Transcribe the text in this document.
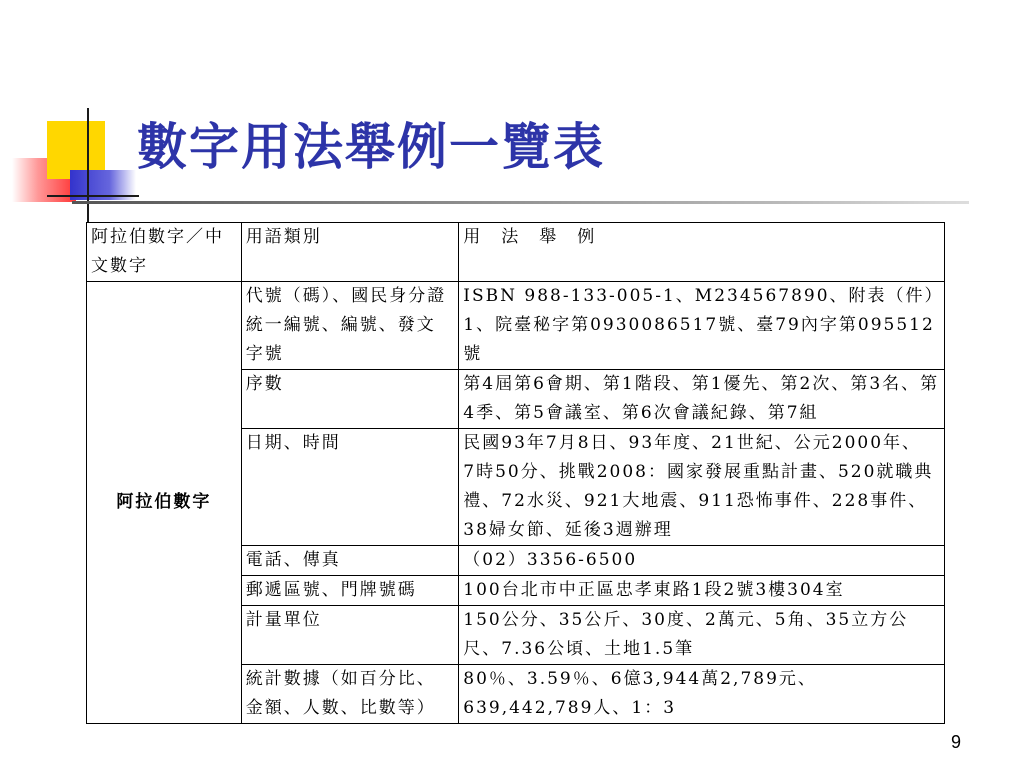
數字用法舉例一覽表
阿拉伯數字／中文數字	用語類別	用　法　舉　例
阿拉伯數字	代號（碼）、國民身分證統一編號、編號、發文字號	ISBN 988-133-005-1、M234567890、附表（件）1、院臺秘字第0930086517號、臺79內字第095512號
	序數	第4屆第6會期、第1階段、第1優先、第2次、第3名、第4季、第5會議室、第6次會議紀錄、第7組
	日期、時間	民國93年7月8日、93年度、21世紀、公元2000年、 7時50分、挑戰2008：國家發展重點計畫、520就職典禮、72水災、921大地震、911恐怖事件、228事件、38婦女節、延後3週辦理
	電話、傳真	（02）3356-6500
	郵遞區號、門牌號碼	100台北市中正區忠孝東路1段2號3樓304室
	計量單位	150公分、35公斤、30度、2萬元、5角、35立方公尺、7.36公頃、土地1.5筆
	統計數據（如百分比、金額、人數、比數等）	80％、3.59％、6億3,944萬2,789元、639,442,789人、1：3
9
